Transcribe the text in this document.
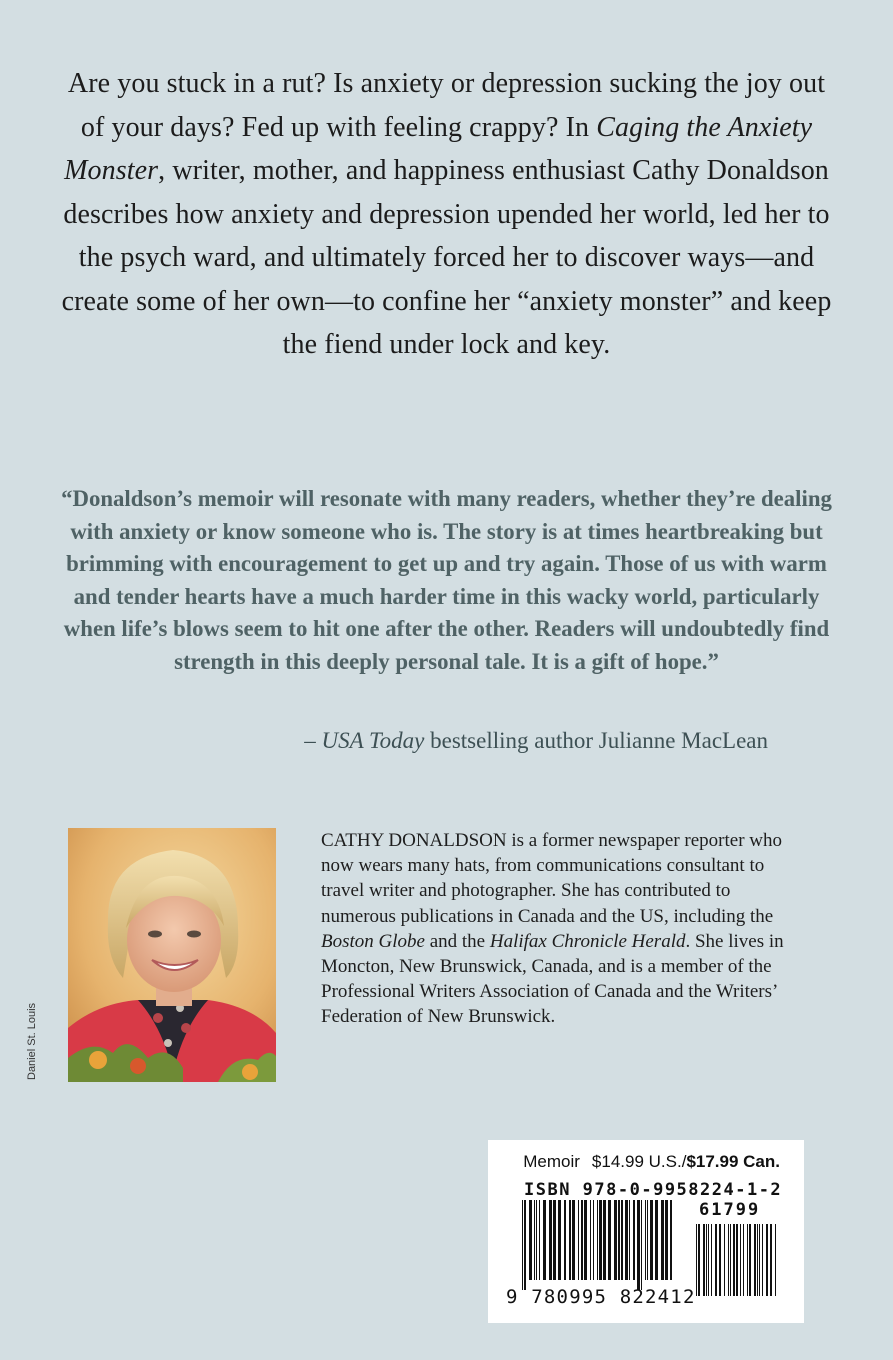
Are you stuck in a rut? Is anxiety or depression sucking the joy out of your days? Fed up with feeling crappy? In Caging the Anxiety Monster, writer, mother, and happiness enthusiast Cathy Donaldson describes how anxiety and depression upended her world, led her to the psych ward, and ultimately forced her to discover ways—and create some of her own—to confine her “anxiety monster” and keep the fiend under lock and key.

“Donaldson’s memoir will resonate with many readers, whether they’re dealing with anxiety or know someone who is. The story is at times heartbreaking but brimming with encouragement to get up and try again. Those of us with warm and tender hearts have a much harder time in this wacky world, particularly when life’s blows seem to hit one after the other. Readers will undoubtedly find strength in this deeply personal tale. It is a gift of hope.”

– USA Today bestselling author Julianne MacLean
Daniel St. Louis

CATHY DONALDSON is a former newspaper reporter who now wears many hats, from communications consultant to travel writer and photographer. She has contributed to numerous publications in Canada and the US, including the Boston Globe and the Halifax Chronicle Herald. She lives in Moncton, New Brunswick, Canada, and is a member of the Professional Writers Association of Canada and the Writers’ Federation of New Brunswick.

Memoir $14.99 U.S./$17.99 Can.
ISBN 978-0-9958224-1-2
61799
9 780995 822412
